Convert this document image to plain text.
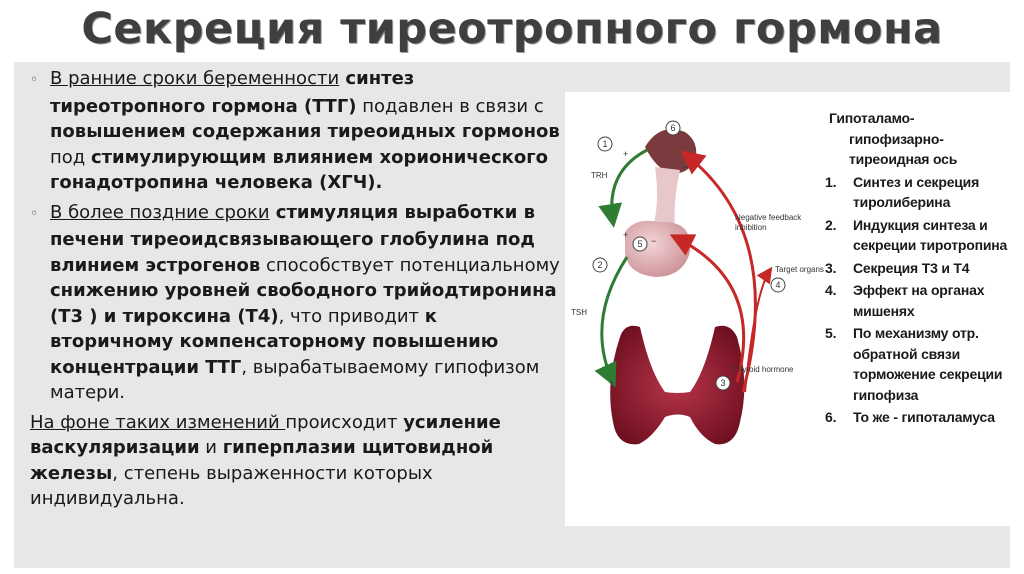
Секреция тиреотропного гормона

◦ В ранние сроки беременности синтез тиреотропного гормона (ТТГ) подавлен в связи с повышением содержания тиреоидных гормонов под стимулирующим влиянием хорионического гонадотропина человека (ХГЧ).

◦ В более поздние сроки стимуляция выработки в печени тиреоидсвязывающего глобулина под влинием эстрогенов способствует потенциальному снижению уровней свободного трийодтиронина (Т3 ) и тироксина (Т4), что приводит к вторичному компенсаторному повышению концентрации ТТГ, вырабатываемому гипофизом матери.

На фоне таких изменений происходит усиление васкуляризации и гиперплазии щитовидной железы, степень выраженности которых индивидуальна.

1
2
3
4
5
6
+
−
+
−
+
TRH
TSH
Negative feedback
inhibition
Target organs
Thyroid hormone
Гипоталамо-
гипофизарно-
тиреоидная ось
1. Синтез и секреция тиролиберина
2. Индукция синтеза и секреции тиротропина
3. Секреция Т3 и Т4
4. Эффект на органах мишенях
5. По механизму отр. обратной связи торможение секреции гипофиза
6. То же - гипоталамуса
